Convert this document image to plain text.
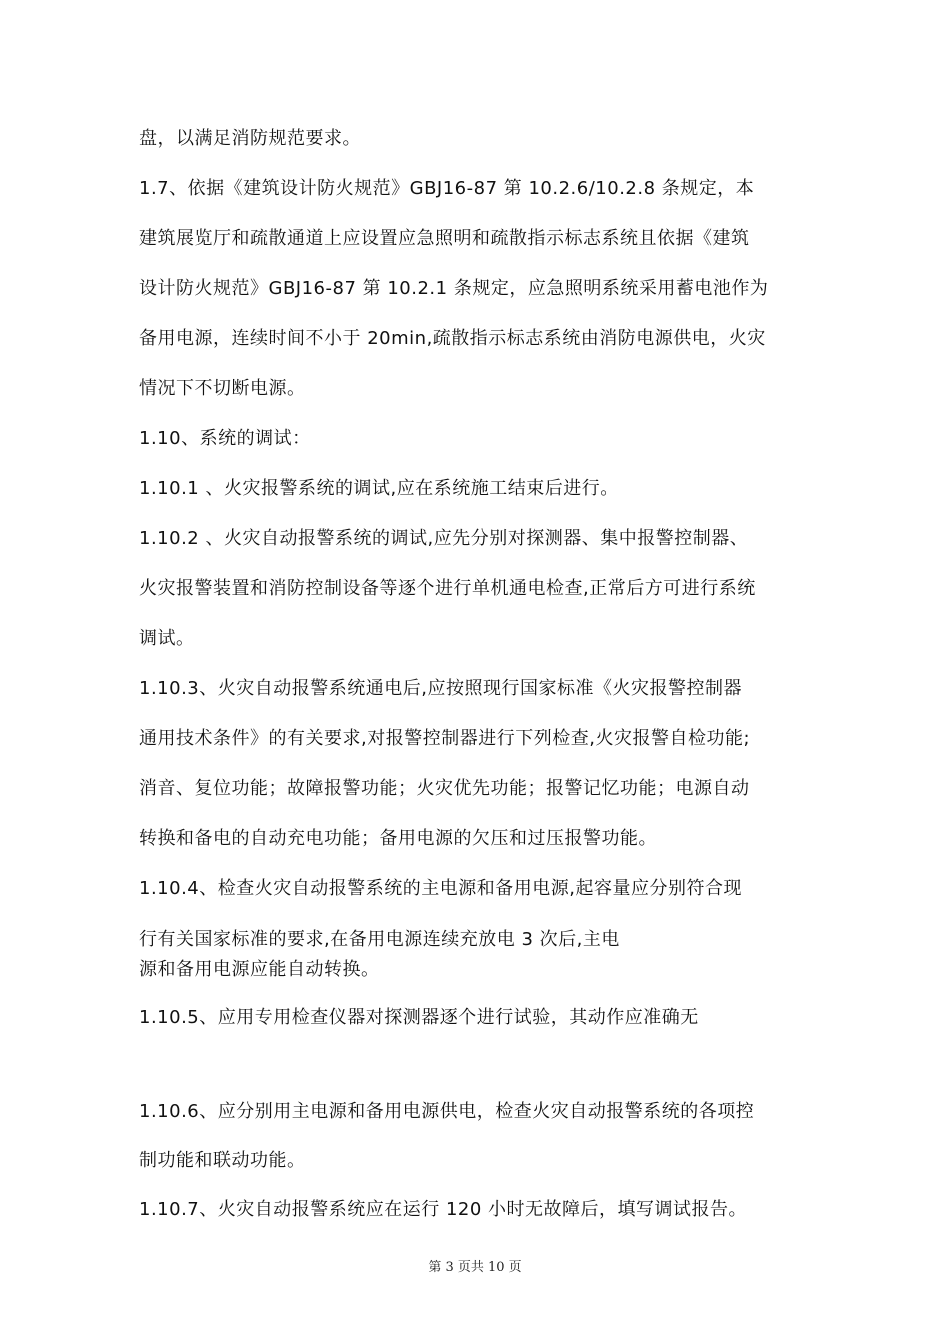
盘，以满足消防规范要求。
1.7、依据《建筑设计防火规范》GBJ16-87 第 10.2.6/10.2.8 条规定，本
建筑展览厅和疏散通道上应设置应急照明和疏散指示标志系统且依据《建筑
设计防火规范》GBJ16-87 第 10.2.1 条规定，应急照明系统采用蓄电池作为
备用电源，连续时间不小于 20min,疏散指示标志系统由消防电源供电，火灾
情况下不切断电源。
1.10、系统的调试：
1.10.1 、火灾报警系统的调试,应在系统施工结束后进行。
1.10.2 、火灾自动报警系统的调试,应先分别对探测器、集中报警控制器、
火灾报警装置和消防控制设备等逐个进行单机通电检查,正常后方可进行系统
调试。
1.10.3、火灾自动报警系统通电后,应按照现行国家标准《火灾报警控制器
通用技术条件》的有关要求,对报警控制器进行下列检查,火灾报警自检功能;
消音、复位功能；故障报警功能；火灾优先功能；报警记忆功能；电源自动
转换和备电的自动充电功能；备用电源的欠压和过压报警功能。
1.10.4、检查火灾自动报警系统的主电源和备用电源,起容量应分别符合现
行有关国家标准的要求,在备用电源连续充放电 3 次后,主电
源和备用电源应能自动转换。
1.10.5、应用专用检查仪器对探测器逐个进行试验，其动作应准确无
1.10.6、应分别用主电源和备用电源供电，检查火灾自动报警系统的各项控
制功能和联动功能。
1.10.7、火灾自动报警系统应在运行 120 小时无故障后，填写调试报告。
第 3 页共 10 页
